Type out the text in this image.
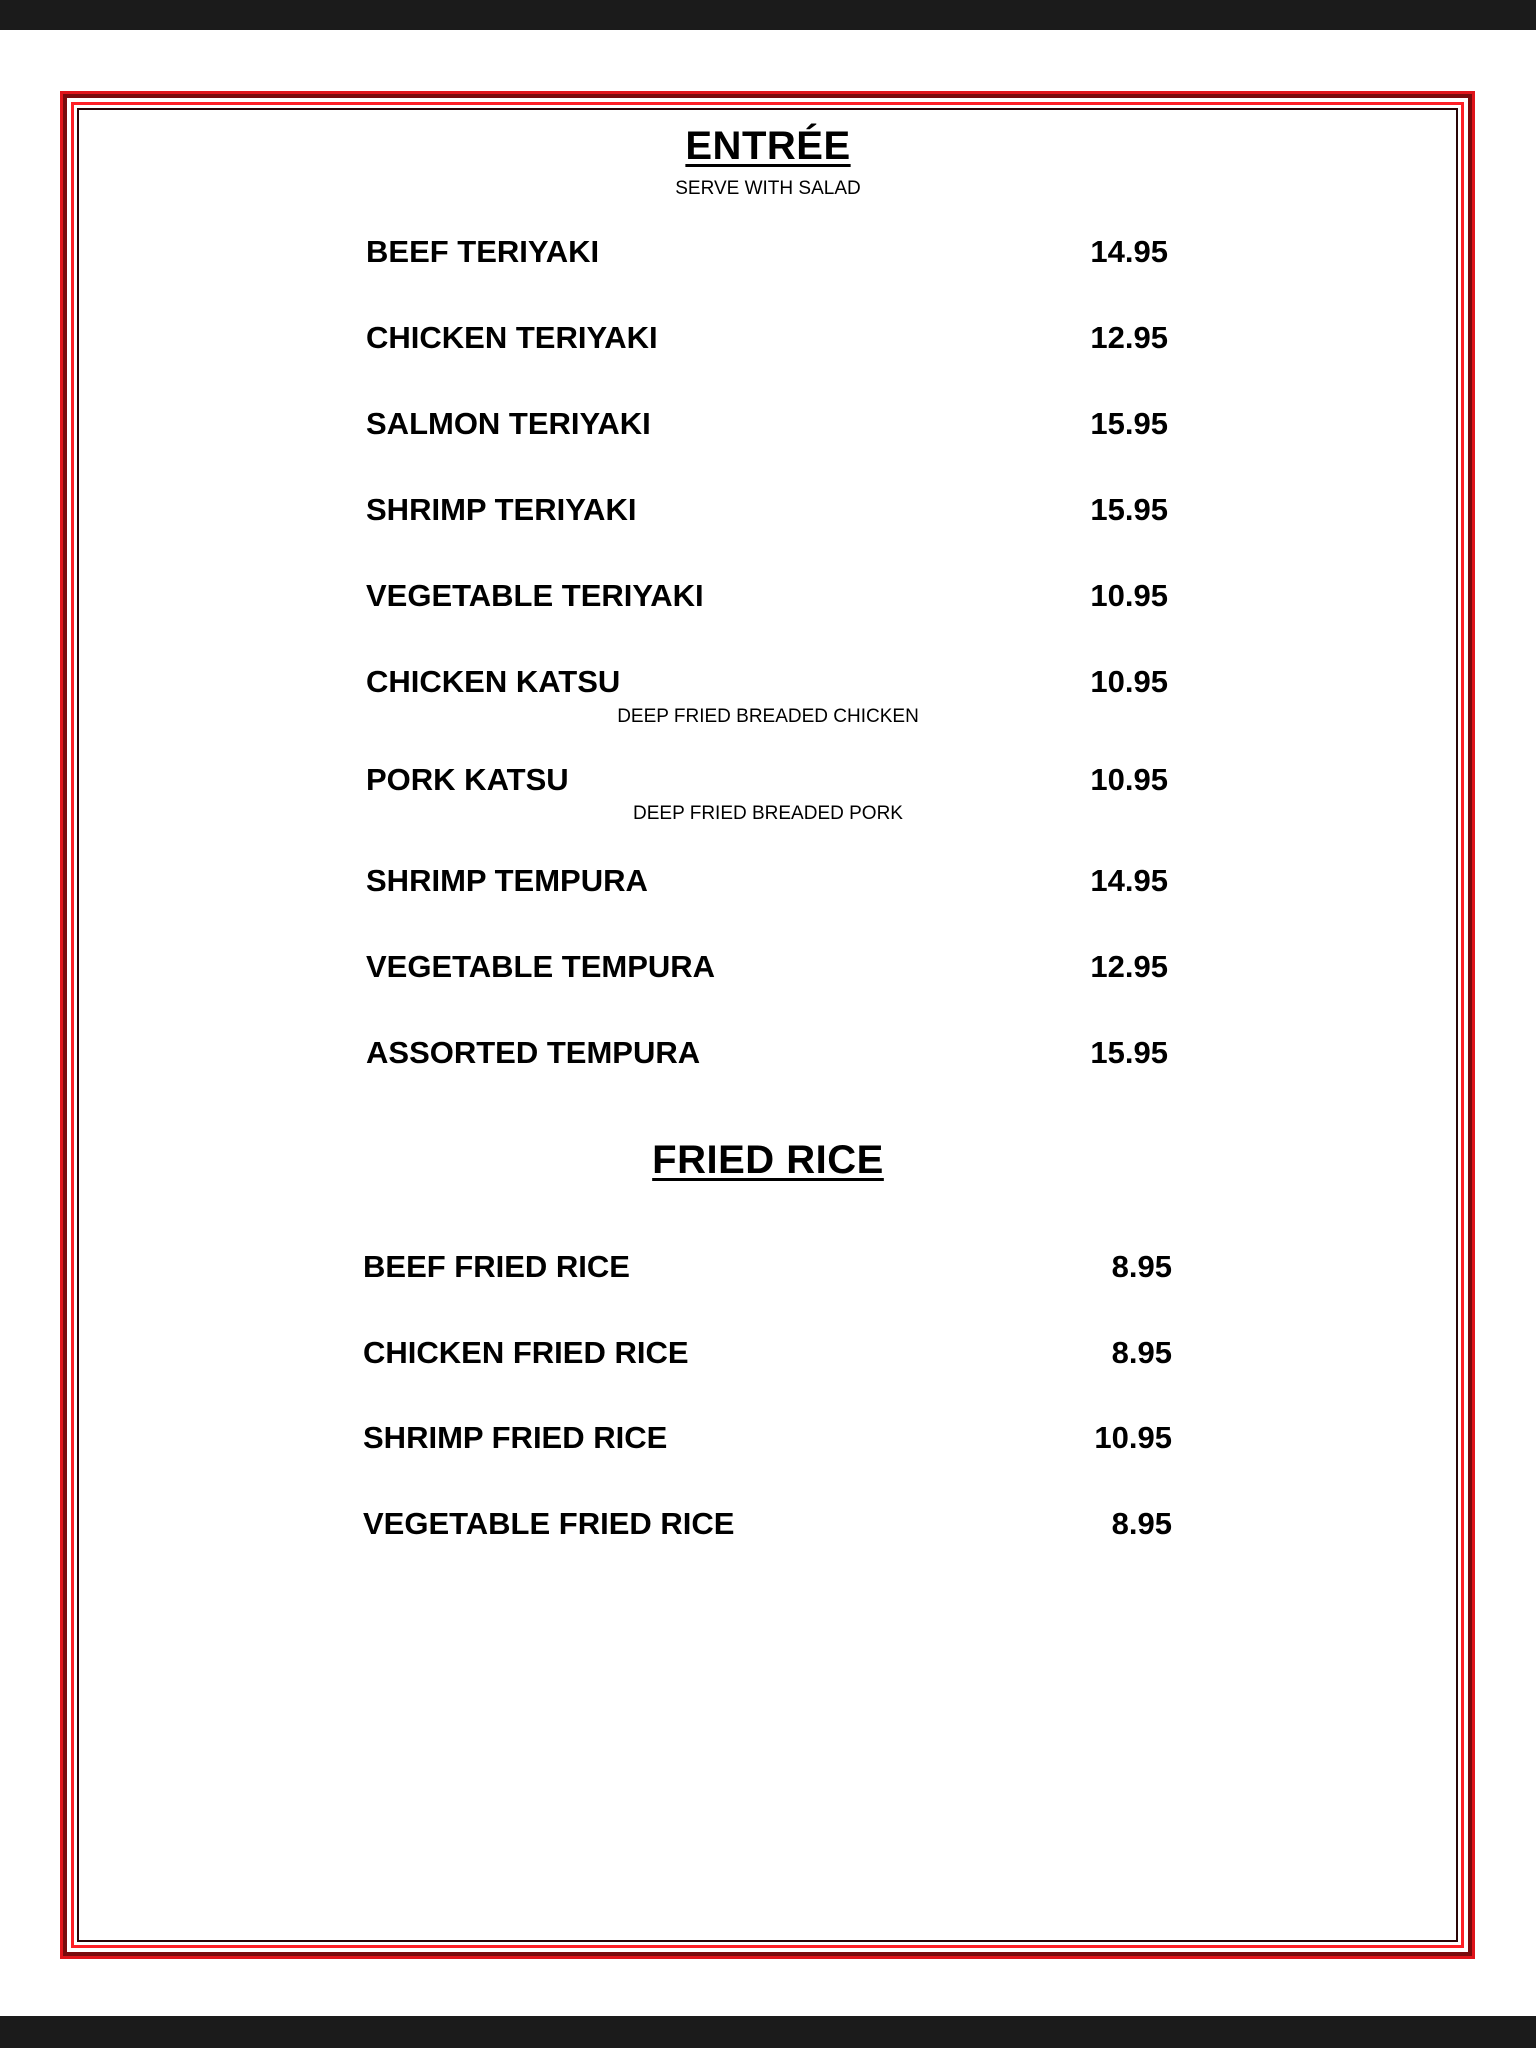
ENTRÉE
SERVE WITH SALAD
BEEF TERIYAKI	14.95
CHICKEN TERIYAKI	12.95
SALMON TERIYAKI	15.95
SHRIMP TERIYAKI	15.95
VEGETABLE TERIYAKI	10.95
CHICKEN KATSU	10.95
DEEP FRIED BREADED CHICKEN
PORK KATSU	10.95
DEEP FRIED BREADED PORK
SHRIMP TEMPURA	14.95
VEGETABLE TEMPURA	12.95
ASSORTED TEMPURA	15.95
FRIED RICE
BEEF FRIED RICE	8.95
CHICKEN FRIED RICE	8.95
SHRIMP FRIED RICE	10.95
VEGETABLE FRIED RICE	8.95
